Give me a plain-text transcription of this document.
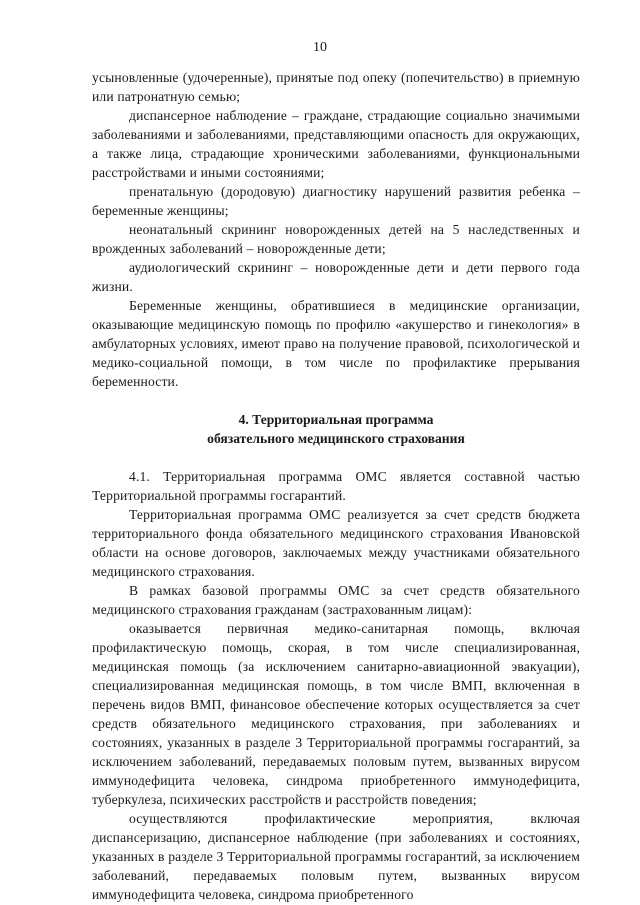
10

усыновленные (удочеренные), принятые под опеку (попечительство) в приемную или патронатную семью;

диспансерное наблюдение – граждане, страдающие социально значимыми заболеваниями и заболеваниями, представляющими опасность для окружающих, а также лица, страдающие хроническими заболеваниями, функциональными расстройствами и иными состояниями;

пренатальную (дородовую) диагностику нарушений развития ребенка – беременные женщины;

неонатальный скрининг новорожденных детей на 5 наследственных и врожденных заболеваний – новорожденные дети;

аудиологический скрининг – новорожденные дети и дети первого года жизни.

Беременные женщины, обратившиеся в медицинские организации, оказывающие медицинскую помощь по профилю «акушерство и гинекология» в амбулаторных условиях, имеют право на получение правовой, психологической и медико-социальной помощи, в том числе по профилактике прерывания беременности.

4. Территориальная программа
обязательного медицинского страхования

4.1. Территориальная программа ОМС является составной частью Территориальной программы госгарантий.

Территориальная программа ОМС реализуется за счет средств бюджета территориального фонда обязательного медицинского страхования Ивановской области на основе договоров, заключаемых между участниками обязательного медицинского страхования.

В рамках базовой программы ОМС за счет средств обязательного медицинского страхования гражданам (застрахованным лицам):

оказывается первичная медико-санитарная помощь, включая профилактическую помощь, скорая, в том числе специализированная, медицинская помощь (за исключением санитарно-авиационной эвакуации), специализированная медицинская помощь, в том числе ВМП, включенная в перечень видов ВМП, финансовое обеспечение которых осуществляется за счет средств обязательного медицинского страхования, при заболеваниях и состояниях, указанных в разделе 3 Территориальной программы госгарантий, за исключением заболеваний, передаваемых половым путем, вызванных вирусом иммунодефицита человека, синдрома приобретенного иммунодефицита, туберкулеза, психических расстройств и расстройств поведения;

осуществляются профилактические мероприятия, включая диспансеризацию, диспансерное наблюдение (при заболеваниях и состояниях, указанных в разделе 3 Территориальной программы госгарантий, за исключением заболеваний, передаваемых половым путем, вызванных вирусом иммунодефицита человека, синдрома приобретенного
